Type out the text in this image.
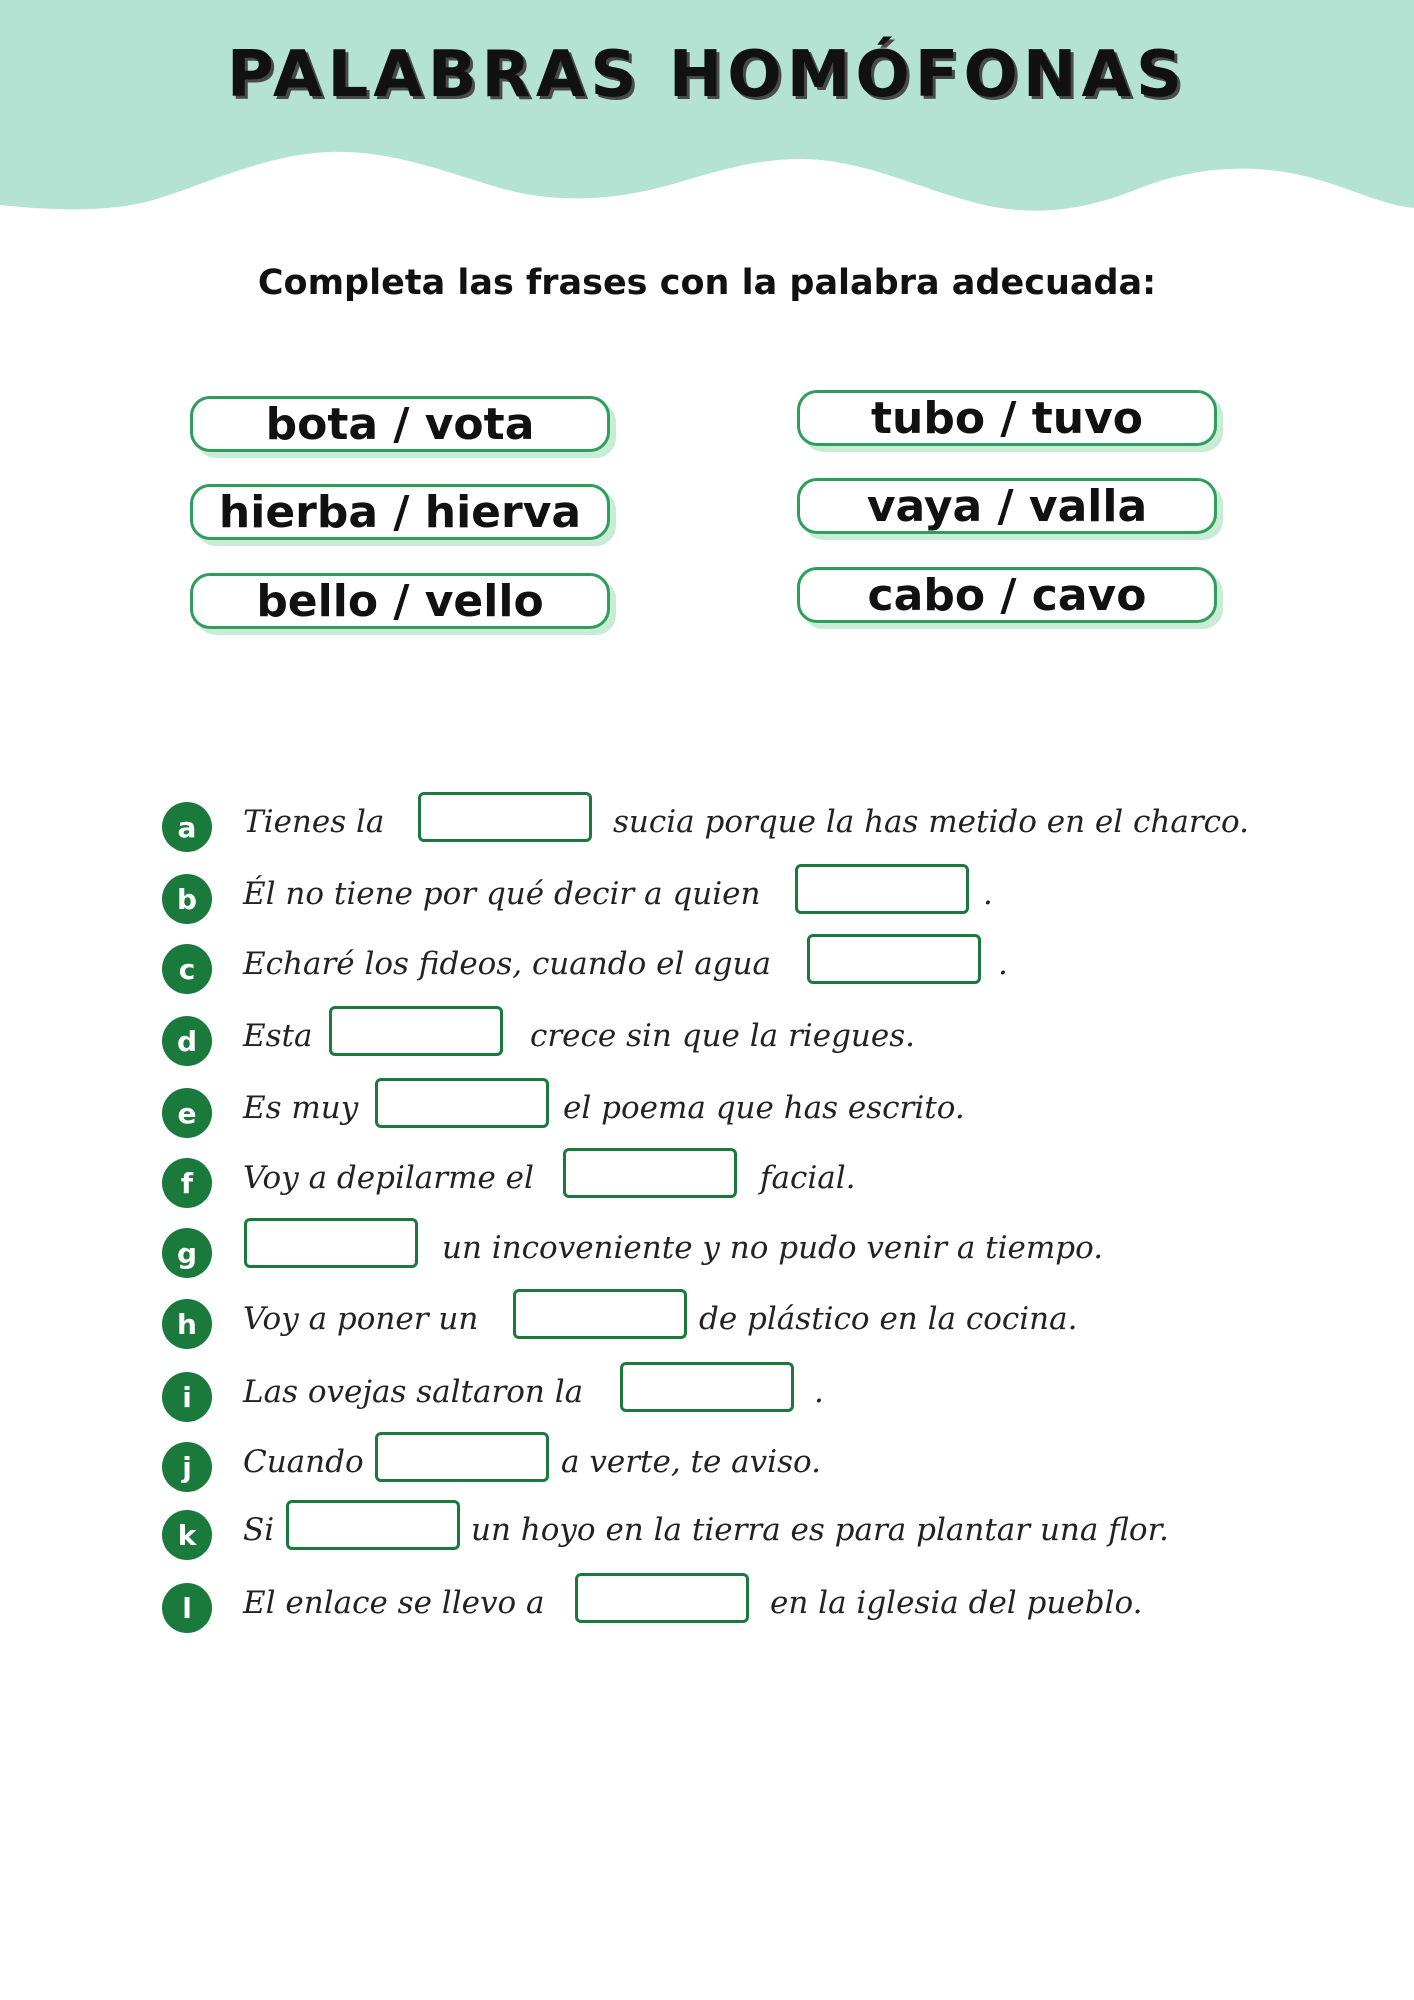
PALABRAS HOMÓFONAS
Completa las frases con la palabra adecuada:
bota / vota
hierba / hierva
bello / vello
tubo / tuvo
vaya / valla
cabo / cavo
a	Tienes la	sucia porque la has metido en el charco.
b	Él no tiene por qué decir a quien	.
c	Echaré los fideos, cuando el agua	.
d	Esta	crece sin que la riegues.
e	Es muy	el poema que has escrito.
f	Voy a depilarme el	facial.
g	un incoveniente y no pudo venir a tiempo.
h	Voy a poner un	de plástico en la cocina.
i	Las ovejas saltaron la	.
j	Cuando	a verte, te aviso.
k	Si	un hoyo en la tierra es para plantar una flor.
l	El enlace se llevo a	en la iglesia del pueblo.
